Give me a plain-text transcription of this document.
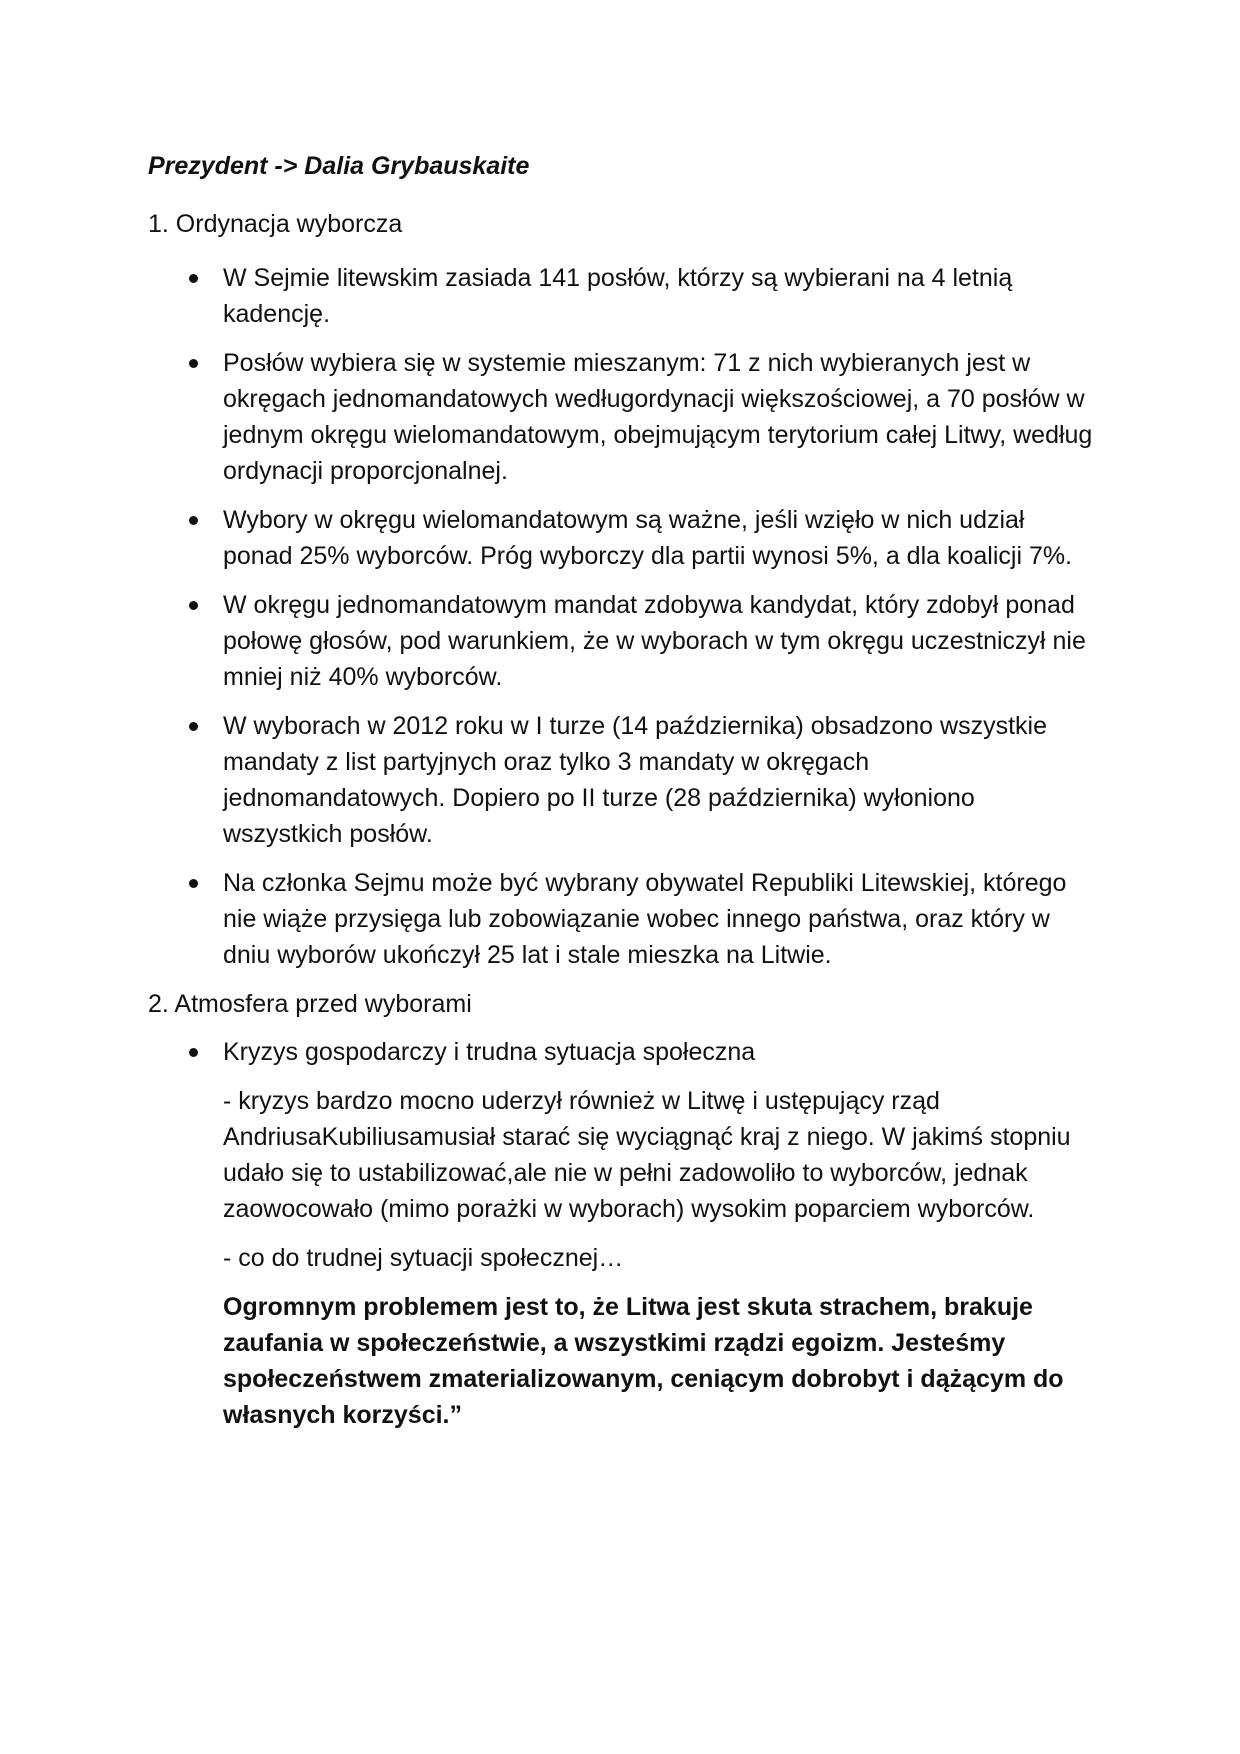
Prezydent -> Dalia Grybauskaite
1. Ordynacja wyborcza
W Sejmie litewskim zasiada 141 posłów, którzy są wybierani na 4 letnią kadencję.
Posłów wybiera się w systemie mieszanym: 71 z nich wybieranych jest w okręgach jednomandatowych wedługordynacji większościowej, a 70 posłów w jednym okręgu wielomandatowym, obejmującym terytorium całej Litwy, według ordynacji proporcjonalnej.
Wybory w okręgu wielomandatowym są ważne, jeśli wzięło w nich udział ponad 25% wyborców. Próg wyborczy dla partii wynosi 5%, a dla koalicji 7%.
W okręgu jednomandatowym mandat zdobywa kandydat, który zdobył ponad połowę głosów, pod warunkiem, że w wyborach w tym okręgu uczestniczył nie mniej niż 40% wyborców.
W wyborach w 2012 roku w I turze (14 października) obsadzono wszystkie mandaty z list partyjnych oraz tylko 3 mandaty w okręgach jednomandatowych. Dopiero po II turze (28 października) wyłoniono wszystkich posłów.
Na członka Sejmu może być wybrany obywatel Republiki Litewskiej, którego nie wiąże przysięga lub zobowiązanie wobec innego państwa, oraz który w dniu wyborów ukończył 25 lat i stale mieszka na Litwie.
2. Atmosfera przed wyborami
Kryzys gospodarczy i trudna sytuacja społeczna
- kryzys bardzo mocno uderzył również w Litwę i ustępujący rząd AndriusaKubiliusamusiał starać się wyciągnąć kraj z niego. W jakimś stopniu udało się to ustabilizować,ale nie w pełni zadowoliło to wyborców, jednak zaowocowało (mimo porażki w wyborach) wysokim poparciem wyborców.
- co do trudnej sytuacji społecznej…
Ogromnym problemem jest to, że Litwa jest skuta strachem, brakuje zaufania w społeczeństwie, a wszystkimi rządzi egoizm. Jesteśmy społeczeństwem zmaterializowanym, ceniącym dobrobyt i dążącym do własnych korzyści.”
